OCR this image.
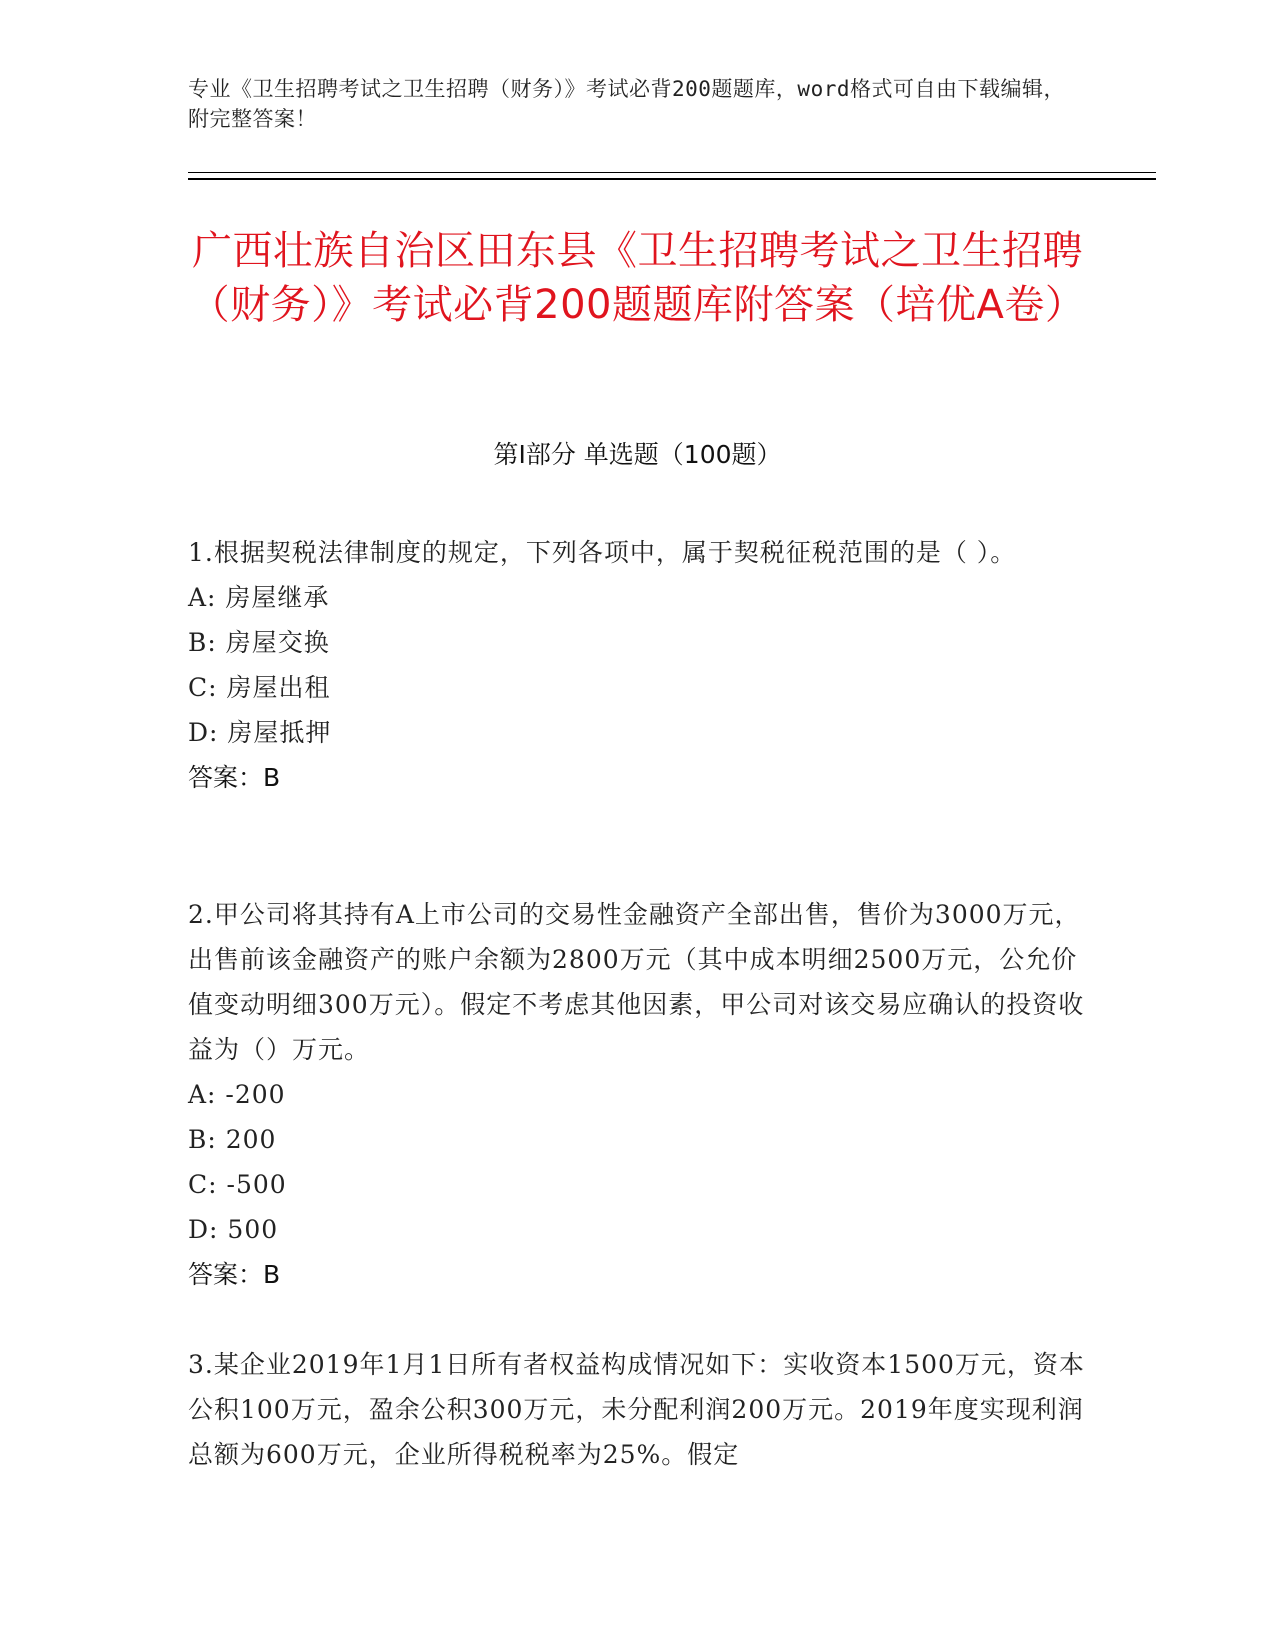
专业《卫生招聘考试之卫生招聘（财务）》考试必背200题题库，word格式可自由下载编辑，附完整答案！
广西壮族自治区田东县《卫生招聘考试之卫生招聘（财务）》考试必背200题题库附答案（培优A卷）
第Ⅰ部分 单选题（100题）

1.根据契税法律制度的规定，下列各项中，属于契税征税范围的是（ ）。

A: 房屋继承

B: 房屋交换

C: 房屋出租

D: 房屋抵押

答案：B

2.甲公司将其持有A上市公司的交易性金融资产全部出售，售价为3000万元，出售前该金融资产的账户余额为2800万元（其中成本明细2500万元，公允价值变动明细300万元）。假定不考虑其他因素，甲公司对该交易应确认的投资收益为（）万元。

A: -200

B: 200

C: -500

D: 500

答案：B

3.某企业2019年1月1日所有者权益构成情况如下：实收资本1500万元，资本公积100万元，盈余公积300万元，未分配利润200万元。2019年度实现利润总额为600万元，企业所得税税率为25%。假定
